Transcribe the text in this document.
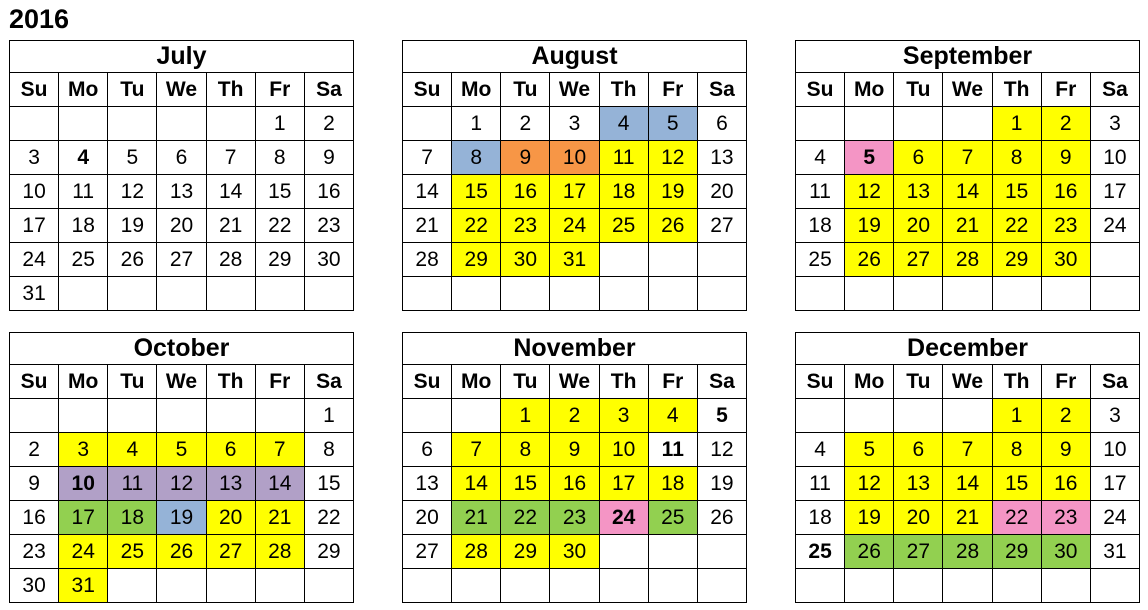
2016
July						
Su	Mo	Tu	We	Th	Fr	Sa
					1	2
3	4	5	6	7	8	9
10	11	12	13	14	15	16
17	18	19	20	21	22	23
24	25	26	27	28	29	30
31						
August						
Su	Mo	Tu	We	Th	Fr	Sa
	1	2	3	4	5	6
7	8	9	10	11	12	13
14	15	16	17	18	19	20
21	22	23	24	25	26	27
28	29	30	31			

September						
Su	Mo	Tu	We	Th	Fr	Sa
				1	2	3
4	5	6	7	8	9	10
11	12	13	14	15	16	17
18	19	20	21	22	23	24
25	26	27	28	29	30	

October						
Su	Mo	Tu	We	Th	Fr	Sa
						1
2	3	4	5	6	7	8
9	10	11	12	13	14	15
16	17	18	19	20	21	22
23	24	25	26	27	28	29
30	31					
November						
Su	Mo	Tu	We	Th	Fr	Sa
		1	2	3	4	5
6	7	8	9	10	11	12
13	14	15	16	17	18	19
20	21	22	23	24	25	26
27	28	29	30			

December						
Su	Mo	Tu	We	Th	Fr	Sa
				1	2	3
4	5	6	7	8	9	10
11	12	13	14	15	16	17
18	19	20	21	22	23	24
25	26	27	28	29	30	31
